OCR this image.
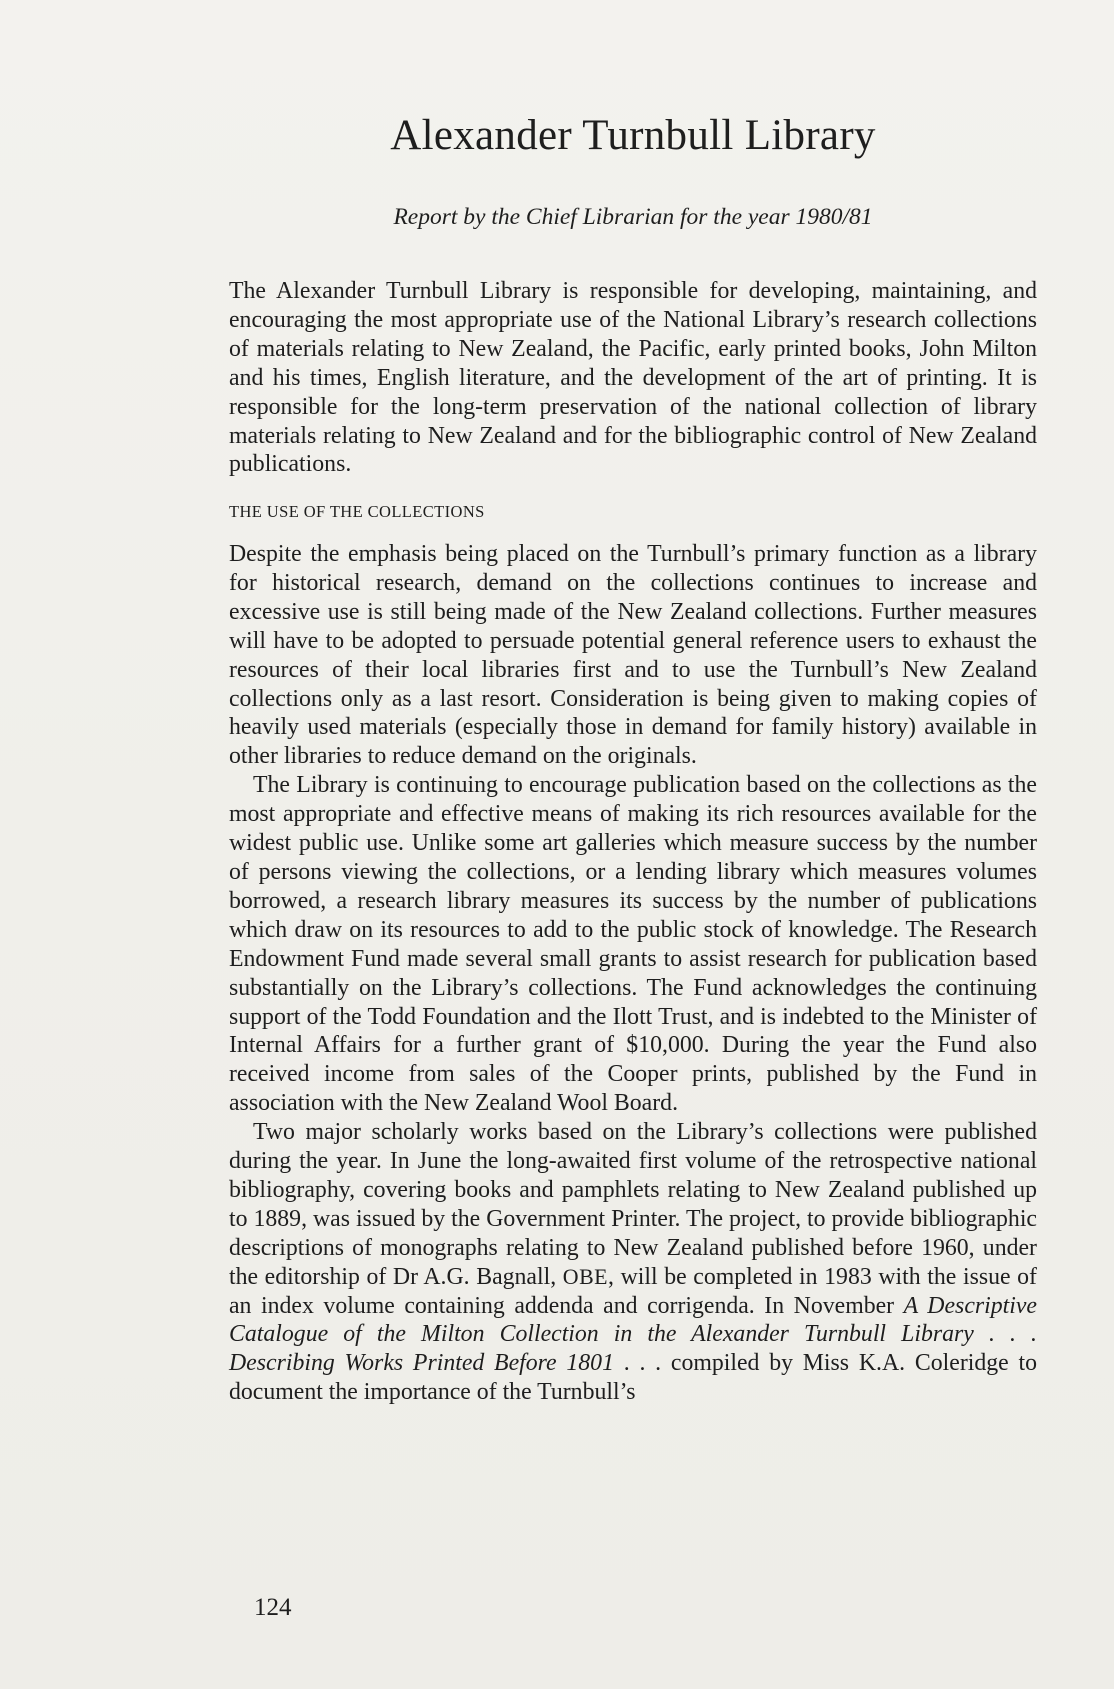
Alexander Turnbull Library

Report by the Chief Librarian for the year 1980/81

The Alexander Turnbull Library is responsible for developing, maintaining, and encouraging the most appropriate use of the National Library’s research collections of materials relating to New Zealand, the Pacific, early printed books, John Milton and his times, English literature, and the development of the art of printing. It is responsible for the long-term preservation of the national collection of library materials relating to New Zealand and for the bibliographic control of New Zealand publications.

THE USE OF THE COLLECTIONS

Despite the emphasis being placed on the Turnbull’s primary function as a library for historical research, demand on the collections continues to increase and excessive use is still being made of the New Zealand collections. Further measures will have to be adopted to persuade potential general reference users to exhaust the resources of their local libraries first and to use the Turnbull’s New Zealand collections only as a last resort. Consideration is being given to making copies of heavily used materials (especially those in demand for family history) available in other libraries to reduce demand on the originals.

The Library is continuing to encourage publication based on the collections as the most appropriate and effective means of making its rich resources available for the widest public use. Unlike some art galleries which measure success by the number of persons viewing the collections, or a lending library which measures volumes borrowed, a research library measures its success by the number of publications which draw on its resources to add to the public stock of knowledge. The Research Endowment Fund made several small grants to assist research for publication based substantially on the Library’s collections. The Fund acknowledges the continuing support of the Todd Foundation and the Ilott Trust, and is indebted to the Minister of Internal Affairs for a further grant of $10,000. During the year the Fund also received income from sales of the Cooper prints, published by the Fund in association with the New Zealand Wool Board.

Two major scholarly works based on the Library’s collections were published during the year. In June the long-awaited first volume of the retrospective national bibliography, covering books and pamphlets relating to New Zealand published up to 1889, was issued by the Government Printer. The project, to provide bibliographic descriptions of monographs relating to New Zealand published before 1960, under the editorship of Dr A.G. Bagnall, OBE, will be completed in 1983 with the issue of an index volume containing addenda and corrigenda. In November A Descriptive Catalogue of the Milton Collection in the Alexander Turnbull Library . . . Describing Works Printed Before 1801 . . . compiled by Miss K.A. Coleridge to document the importance of the Turnbull’s

124
